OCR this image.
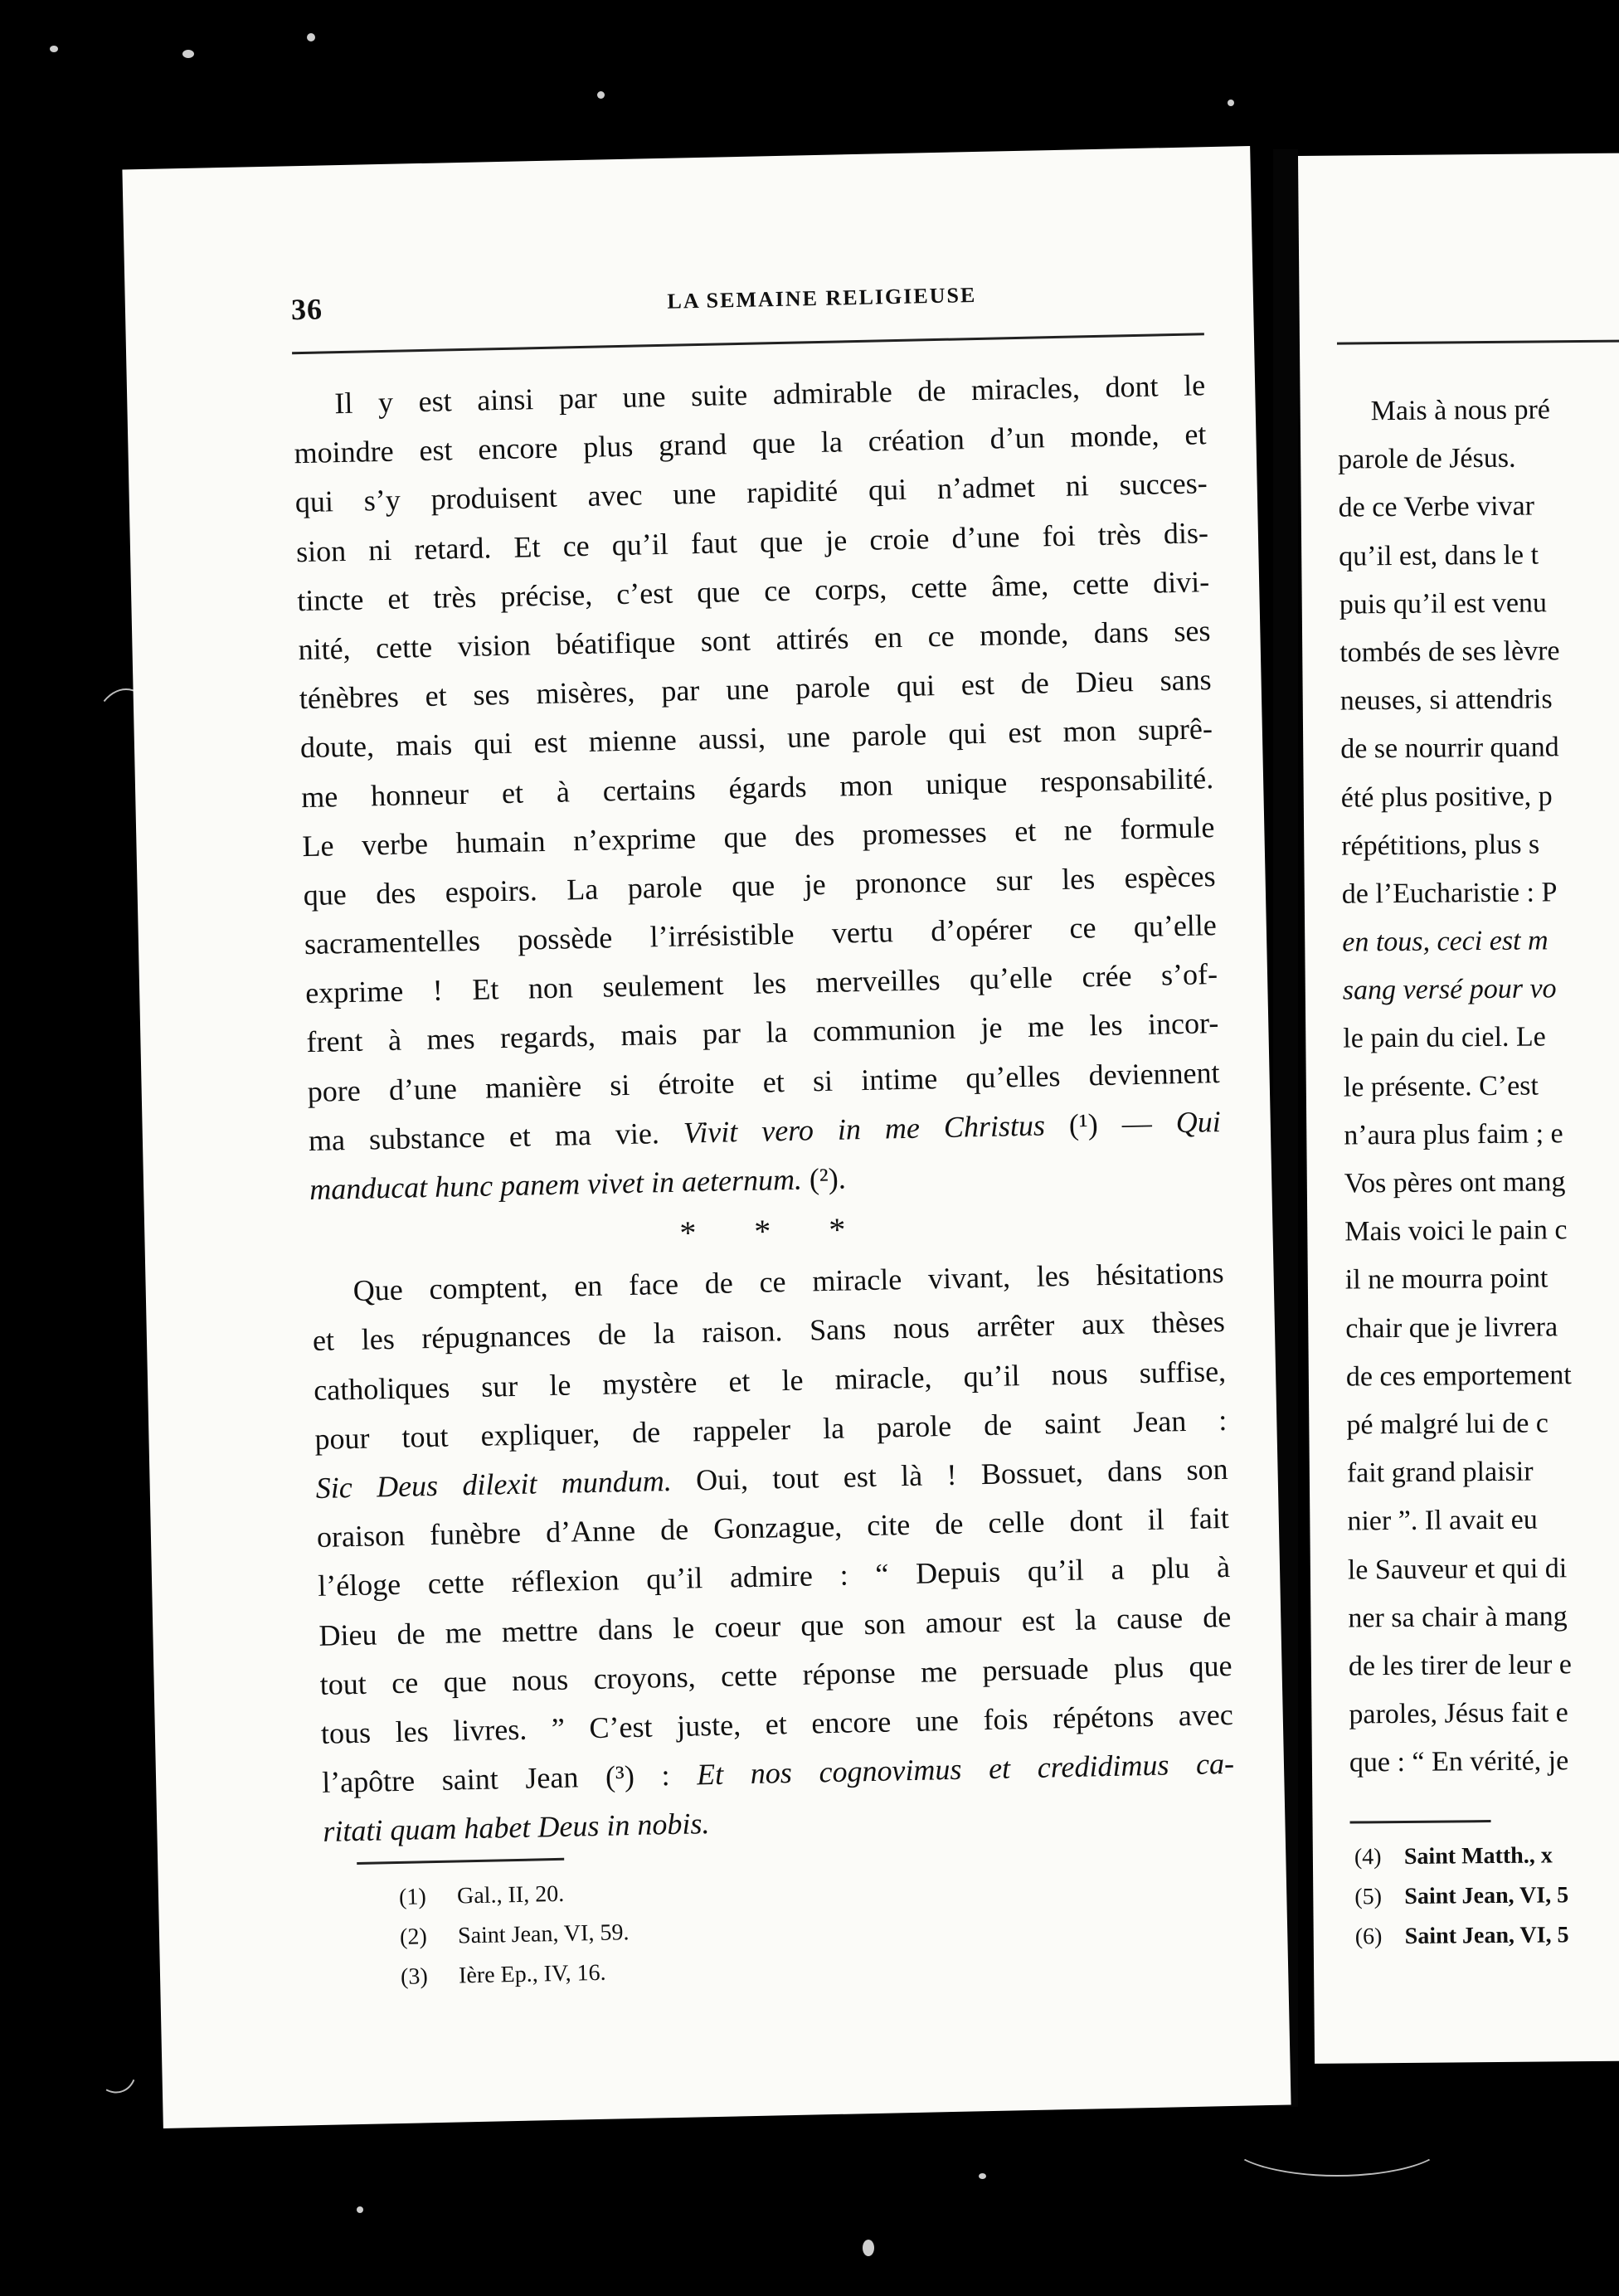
36	LA SEMAINE RELIGIEUSE
Il y est ainsi par une suite admirable de miracles, dont le
moindre est encore plus grand que la création d’un monde, et
qui s’y produisent avec une rapidité qui n’admet ni succes-
sion ni retard. Et ce qu’il faut que je croie d’une foi très dis-
tincte et très précise, c’est que ce corps, cette âme, cette divi-
nité, cette vision béatifique sont attirés en ce monde, dans ses
ténèbres et ses misères, par une parole qui est de Dieu sans
doute, mais qui est mienne aussi, une parole qui est mon suprê-
me honneur et à certains égards mon unique responsabilité.
Le verbe humain n’exprime que des promesses et ne formule
que des espoirs. La parole que je prononce sur les espèces
sacramentelles possède l’irrésistible vertu d’opérer ce qu’elle
exprime ! Et non seulement les merveilles qu’elle crée s’of-
frent à mes regards, mais par la communion je me les incor-
pore d’une manière si étroite et si intime qu’elles deviennent
ma substance et ma vie. Vivit vero in me Christus (¹) — Qui
manducat hunc panem vivet in aeternum. (²).
* * *
Que comptent, en face de ce miracle vivant, les hésitations
et les répugnances de la raison. Sans nous arrêter aux thèses
catholiques sur le mystère et le miracle, qu’il nous suffise,
pour tout expliquer, de rappeler la parole de saint Jean :
Sic Deus dilexit mundum. Oui, tout est là ! Bossuet, dans son
oraison funèbre d’Anne de Gonzague, cite de celle dont il fait
l’éloge cette réflexion qu’il admire : “ Depuis qu’il a plu à
Dieu de me mettre dans le coeur que son amour est la cause de
tout ce que nous croyons, cette réponse me persuade plus que
tous les livres. ” C’est juste, et encore une fois répétons avec
l’apôtre saint Jean (³) : Et nos cognovimus et credidimus ca-
ritati quam habet Deus in nobis.
(1) Gal., II, 20.
(2) Saint Jean, VI, 59.
(3) Ière Ep., IV, 16.
Mais à nous pré
parole de Jésus.
de ce Verbe vivar
qu’il est, dans le t
puis qu’il est venu
tombés de ses lèvre
neuses, si attendris
de se nourrir quand
été plus positive, p
répétitions, plus s
de l’Eucharistie : P
en tous, ceci est m
sang versé pour vo
le pain du ciel. Le
le présente. C’est
n’aura plus faim ; e
Vos pères ont mang
Mais voici le pain c
il ne mourra point
chair que je livrera
de ces emportement
pé malgré lui de c
fait grand plaisir
nier ”. Il avait eu
le Sauveur et qui di
ner sa chair à mang
de les tirer de leur e
paroles, Jésus fait e
que : “ En vérité, je
(4) Saint Matth., x
(5) Saint Jean, VI, 5
(6) Saint Jean, VI, 5
